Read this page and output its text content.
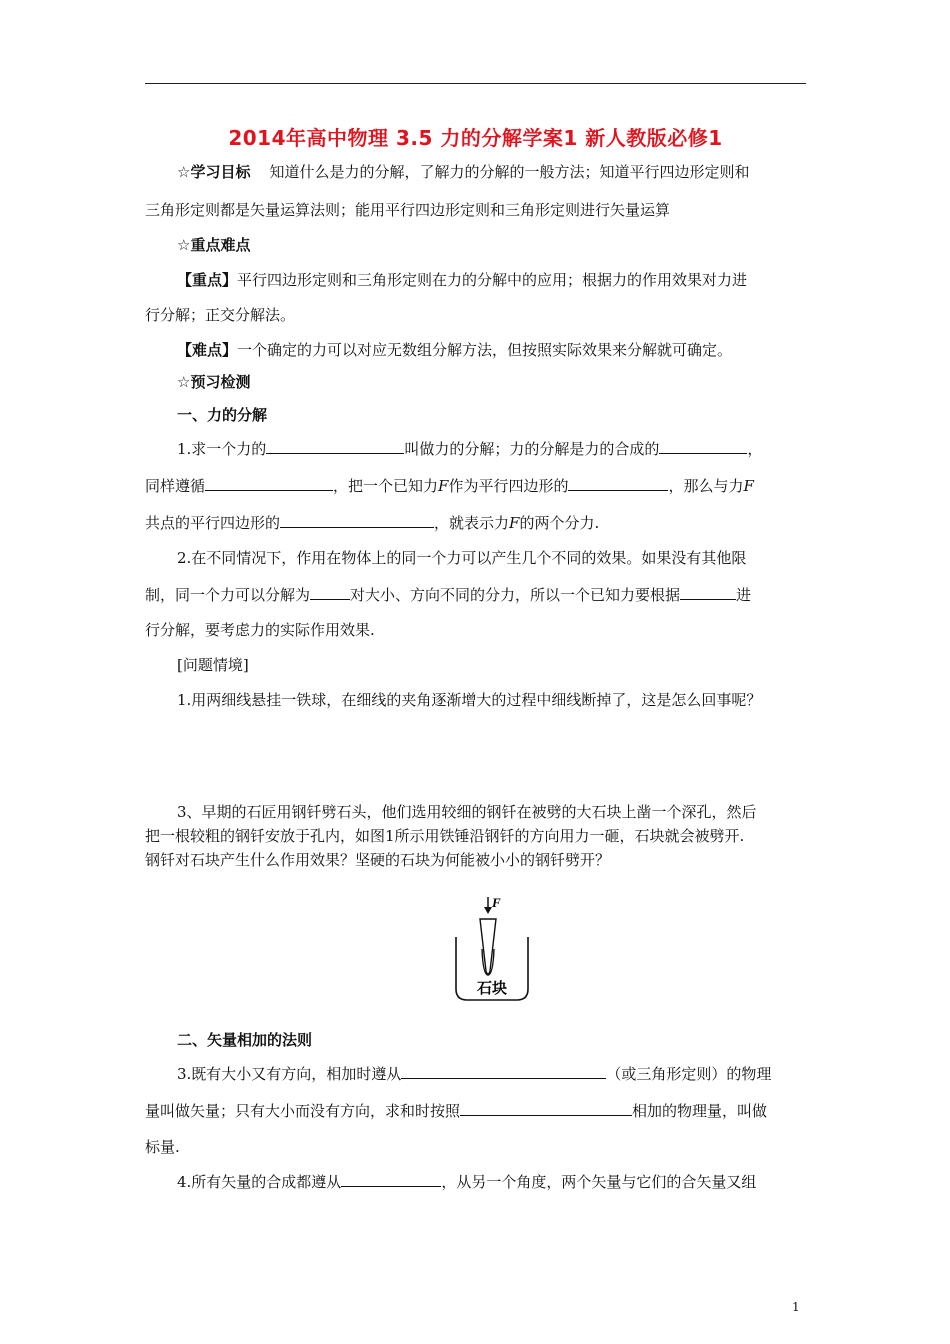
2014年高中物理 3.5 力的分解学案1 新人教版必修1
☆学习目标 知道什么是力的分解，了解力的分解的一般方法；知道平行四边形定则和
三角形定则都是矢量运算法则；能用平行四边形定则和三角形定则进行矢量运算
☆重点难点
【重点】平行四边形定则和三角形定则在力的分解中的应用；根据力的作用效果对力进
行分解；正交分解法。
【难点】一个确定的力可以对应无数组分解方法，但按照实际效果来分解就可确定。
☆预习检测
一、力的分解
1.求一个力的	叫做力的分解；力的分解是力的合成的	，
同样遵循	，把一个已知力F作为平行四边形的	，那么与力F
共点的平行四边形的	，就表示力F的两个分力.
2.在不同情况下，作用在物体上的同一个力可以产生几个不同的效果。如果没有其他限
制，同一个力可以分解为	对大小、方向不同的分力，所以一个已知力要根据	进
行分解，要考虑力的实际作用效果.
[问题情境]
1.用两细线悬挂一铁球，在细线的夹角逐渐增大的过程中细线断掉了，这是怎么回事呢？
3、早期的石匠用钢钎劈石头，他们选用较细的钢钎在被劈的大石块上凿一个深孔，然后
把一根较粗的钢钎安放于孔内，如图1所示用铁锤沿钢钎的方向用力一砸，石块就会被劈开.
钢钎对石块产生什么作用效果？坚硬的石块为何能被小小的钢钎劈开？
F
石块
二、矢量相加的法则
3.既有大小又有方向，相加时遵从	（或三角形定则）的物理
量叫做矢量；只有大小而没有方向，求和时按照	相加的物理量，叫做
标量.
4.所有矢量的合成都遵从	，从另一个角度，两个矢量与它们的合矢量又组
1
